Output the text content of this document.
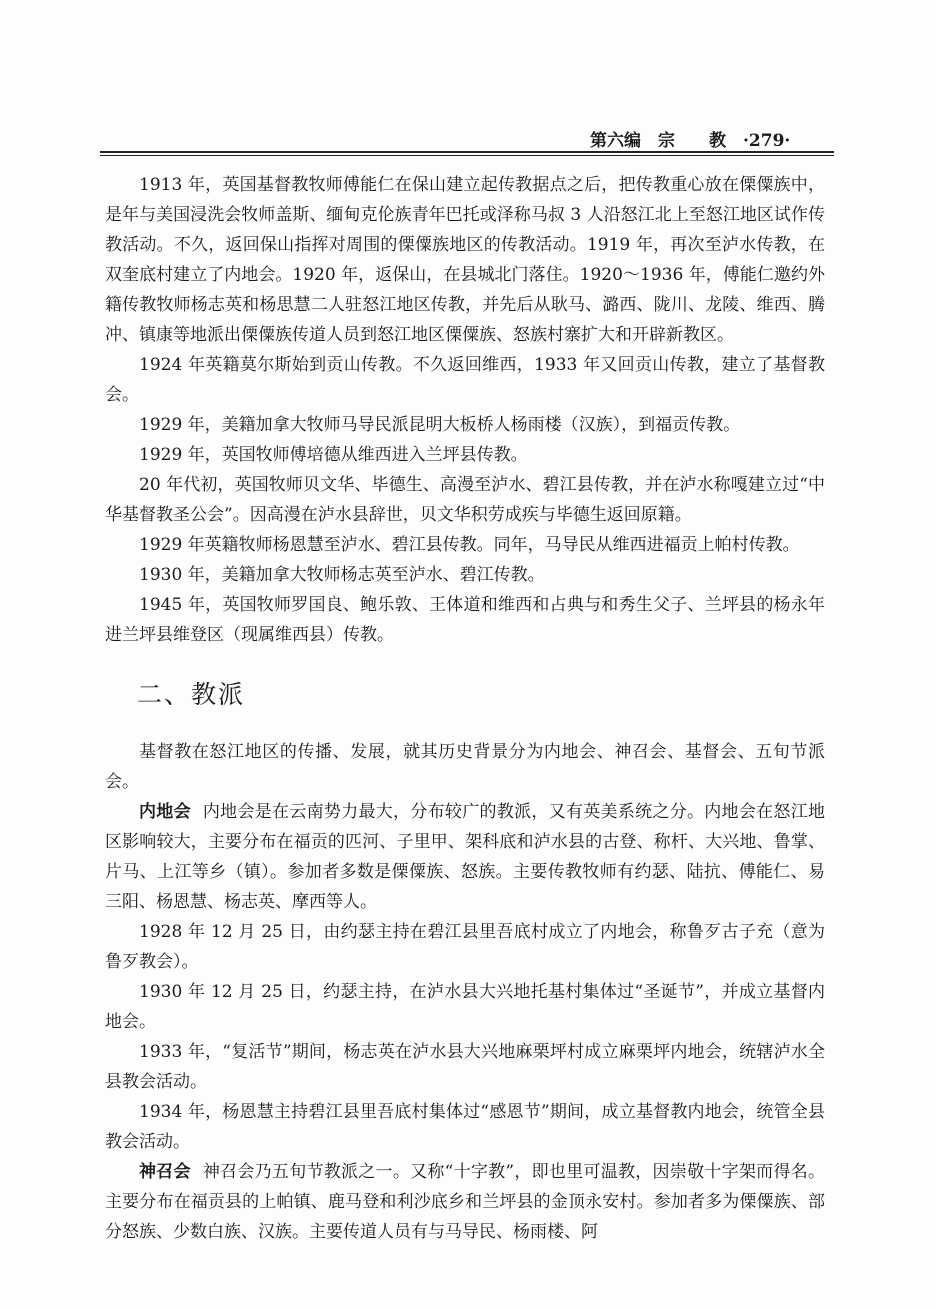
第六编　宗　　教　·279·

1913 年，英国基督教牧师傅能仁在保山建立起传教据点之后，把传教重心放在傈僳族中，是年与美国浸洗会牧师盖斯、缅甸克伦族青年巴托或泽称马叔 3 人沿怒江北上至怒江地区试作传教活动。不久，返回保山指挥对周围的傈僳族地区的传教活动。1919 年，再次至泸水传教，在双奎底村建立了内地会。1920 年，返保山，在县城北门落住。1920～1936 年，傅能仁邀约外籍传教牧师杨志英和杨思慧二人驻怒江地区传教，并先后从耿马、潞西、陇川、龙陵、维西、腾冲、镇康等地派出傈僳族传道人员到怒江地区傈僳族、怒族村寨扩大和开辟新教区。

1924 年英籍莫尔斯始到贡山传教。不久返回维西，1933 年又回贡山传教，建立了基督教会。

1929 年，美籍加拿大牧师马导民派昆明大板桥人杨雨楼（汉族），到福贡传教。

1929 年，英国牧师傅培德从维西进入兰坪县传教。

20 年代初，英国牧师贝文华、毕德生、高漫至泸水、碧江县传教，并在泸水称嘎建立过“中华基督教圣公会”。因高漫在泸水县辞世，贝文华积劳成疾与毕德生返回原籍。

1929 年英籍牧师杨恩慧至泸水、碧江县传教。同年，马导民从维西进福贡上帕村传教。

1930 年，美籍加拿大牧师杨志英至泸水、碧江传教。

1945 年，英国牧师罗国良、鲍乐敦、王体道和维西和占典与和秀生父子、兰坪县的杨永年进兰坪县维登区（现属维西县）传教。

二、教派

基督教在怒江地区的传播、发展，就其历史背景分为内地会、神召会、基督会、五旬节派会。

内地会 内地会是在云南势力最大，分布较广的教派，又有英美系统之分。内地会在怒江地区影响较大，主要分布在福贡的匹河、子里甲、架科底和泸水县的古登、称杆、大兴地、鲁掌、片马、上江等乡（镇）。参加者多数是傈僳族、怒族。主要传教牧师有约瑟、陆抗、傅能仁、易三阳、杨恩慧、杨志英、摩西等人。

1928 年 12 月 25 日，由约瑟主持在碧江县里吾底村成立了内地会，称鲁歹古子充（意为鲁歹教会）。

1930 年 12 月 25 日，约瑟主持，在泸水县大兴地托基村集体过“圣诞节”，并成立基督内地会。

1933 年，“复活节”期间，杨志英在泸水县大兴地麻栗坪村成立麻栗坪内地会，统辖泸水全县教会活动。

1934 年，杨恩慧主持碧江县里吾底村集体过“感恩节”期间，成立基督教内地会，统管全县教会活动。

神召会 神召会乃五旬节教派之一。又称“十字教”，即也里可温教，因崇敬十字架而得名。主要分布在福贡县的上帕镇、鹿马登和利沙底乡和兰坪县的金顶永安村。参加者多为傈僳族、部分怒族、少数白族、汉族。主要传道人员有与马导民、杨雨楼、阿
